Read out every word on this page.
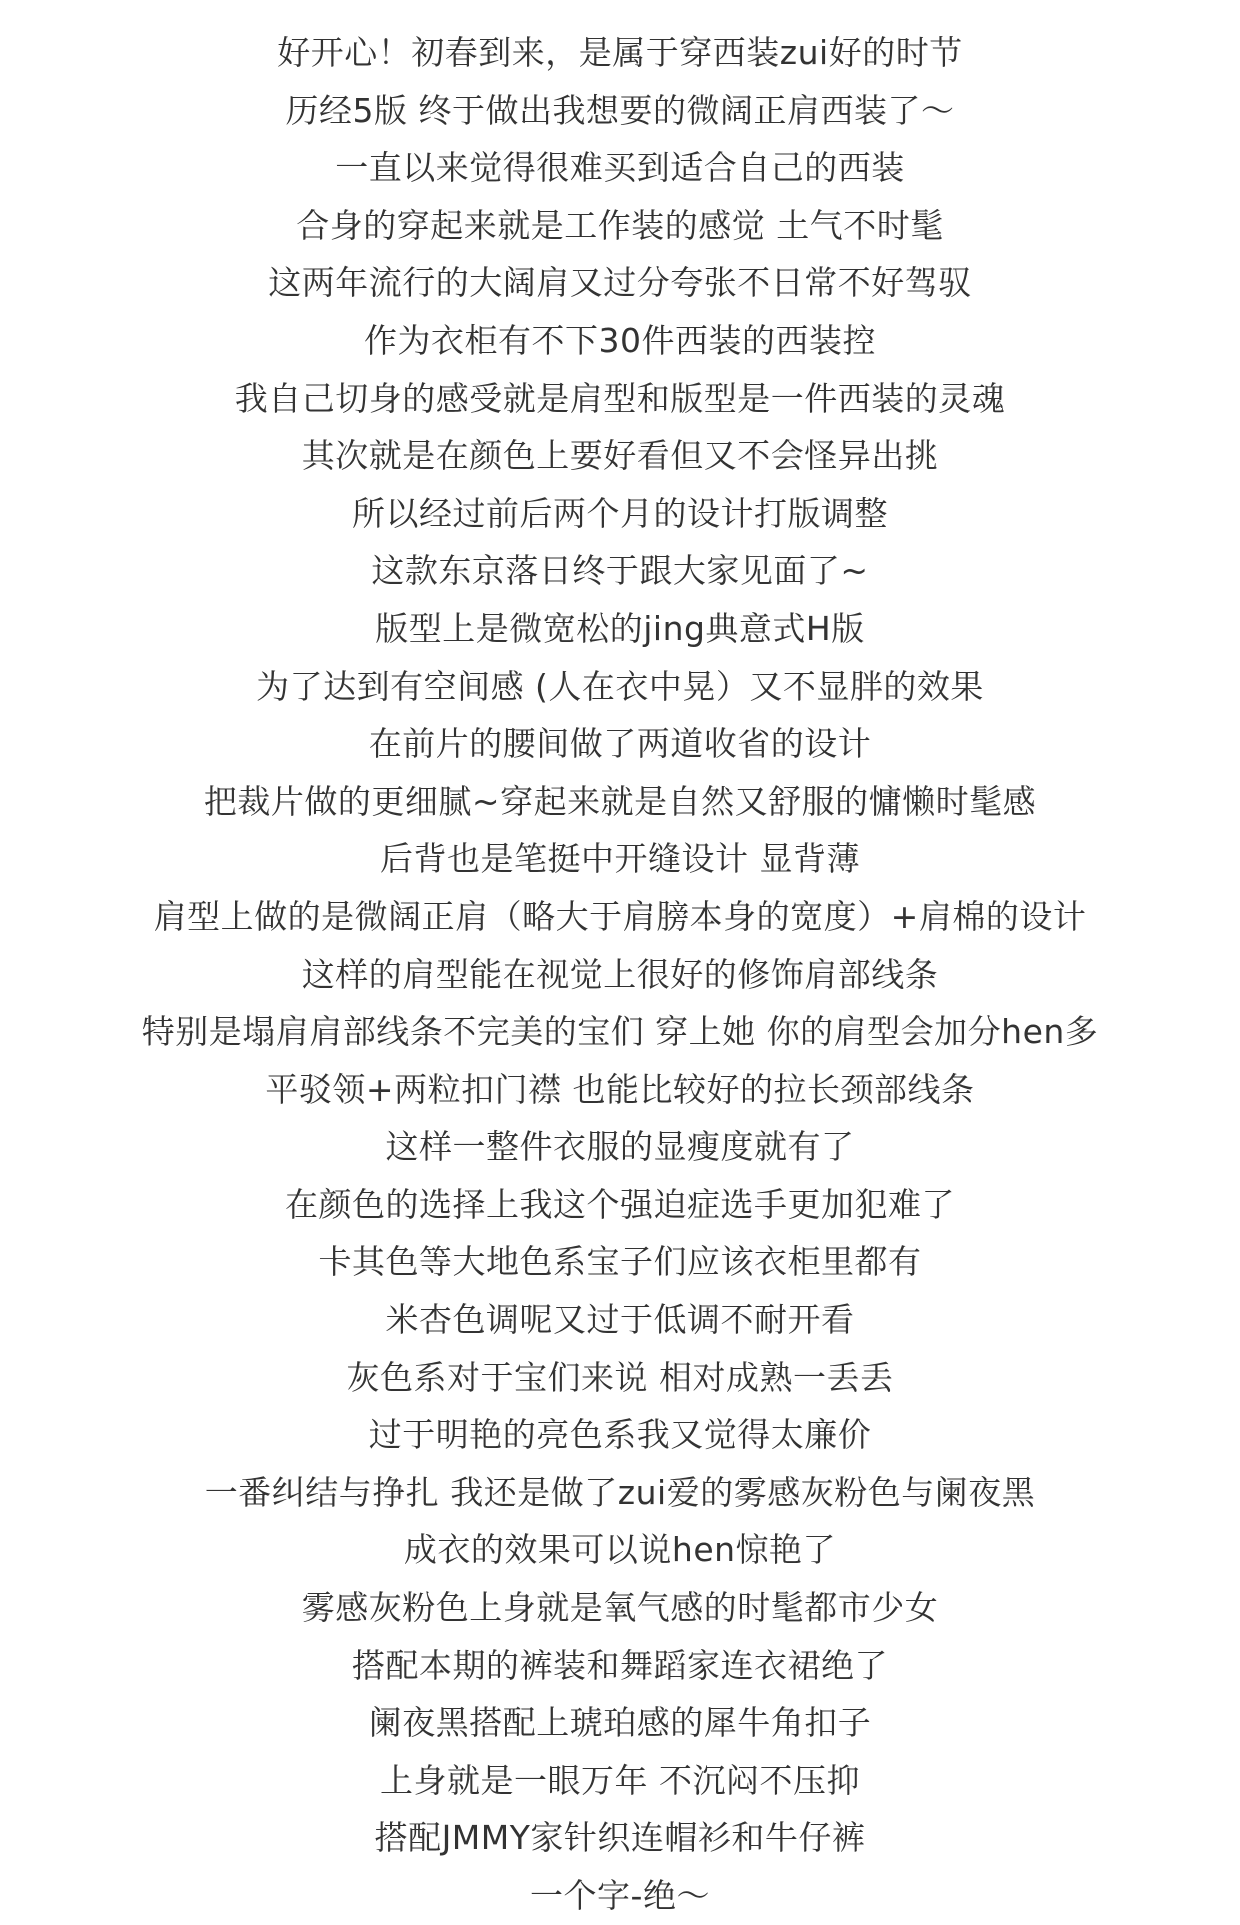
好开心！初春到来，是属于穿西装zui好的时节
历经5版 终于做出我想要的微阔正肩西装了～
一直以来觉得很难买到适合自己的西装
合身的穿起来就是工作装的感觉 土气不时髦
这两年流行的大阔肩又过分夸张不日常不好驾驭
作为衣柜有不下30件西装的西装控
我自己切身的感受就是肩型和版型是一件西装的灵魂
其次就是在颜色上要好看但又不会怪异出挑
所以经过前后两个月的设计打版调整
这款东京落日终于跟大家见面了~
版型上是微宽松的jing典意式H版
为了达到有空间感 (人在衣中晃）又不显胖的效果
在前片的腰间做了两道收省的设计
把裁片做的更细腻~穿起来就是自然又舒服的慵懒时髦感
后背也是笔挺中开缝设计 显背薄
肩型上做的是微阔正肩（略大于肩膀本身的宽度）+肩棉的设计
这样的肩型能在视觉上很好的修饰肩部线条
特别是塌肩肩部线条不完美的宝们 穿上她 你的肩型会加分hen多
平驳领+两粒扣门襟 也能比较好的拉长颈部线条
这样一整件衣服的显瘦度就有了
在颜色的选择上我这个强迫症选手更加犯难了
卡其色等大地色系宝子们应该衣柜里都有
米杏色调呢又过于低调不耐开看
灰色系对于宝们来说 相对成熟一丢丢
过于明艳的亮色系我又觉得太廉价
一番纠结与挣扎 我还是做了zui爱的雾感灰粉色与阑夜黑
成衣的效果可以说hen惊艳了
雾感灰粉色上身就是氧气感的时髦都市少女
搭配本期的裤装和舞蹈家连衣裙绝了
阑夜黑搭配上琥珀感的犀牛角扣子
上身就是一眼万年 不沉闷不压抑
搭配JMMY家针织连帽衫和牛仔裤
一个字-绝～
